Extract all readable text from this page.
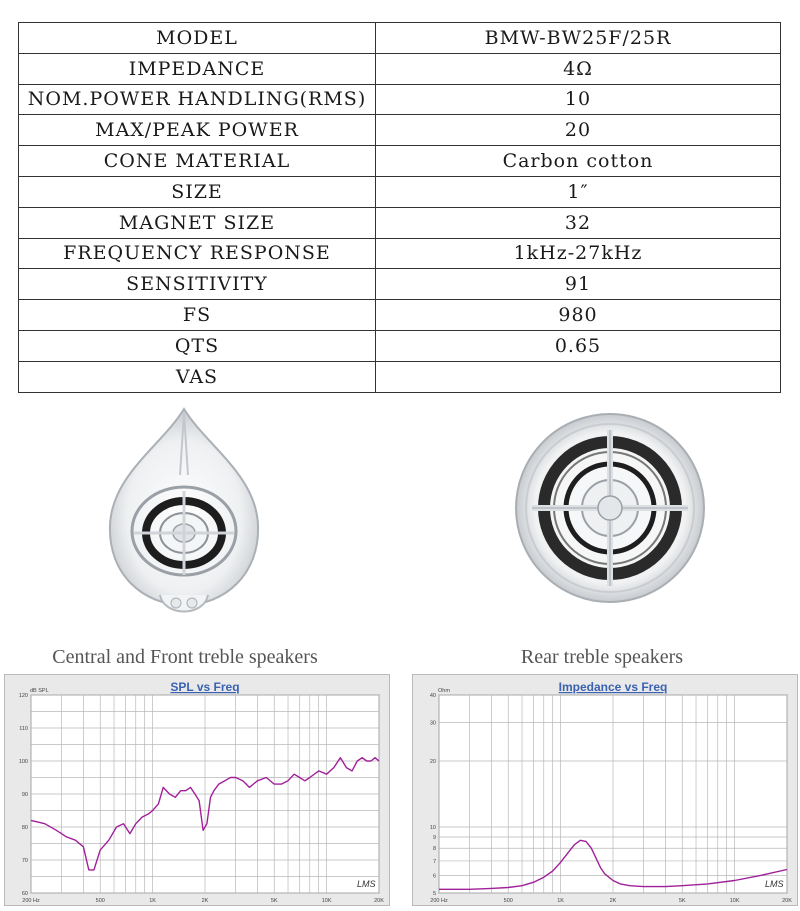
MODEL	BMW-BW25F/25R
IMPEDANCE	4Ω
NOM.POWER HANDLING(RMS)	10
MAX/PEAK POWER	20
CONE MATERIAL	Carbon cotton
SIZE	1″
MAGNET SIZE	32
FREQUENCY RESPONSE	1kHz-27kHz
SENSITIVITY	91
FS	980
QTS	0.65
VAS	
Central and Front treble speakers	Rear treble speakers
60
70
80
90
100
110
120
200 Hz	500	1K	2K	5K	10K	20K
dB SPL	SPL vs Freq
LMS
5
6
7
8
9
10
20
30
40
200 Hz	500	1K	2K	5K	10K	20K
Ohm	Impedance vs Freq
LMS
